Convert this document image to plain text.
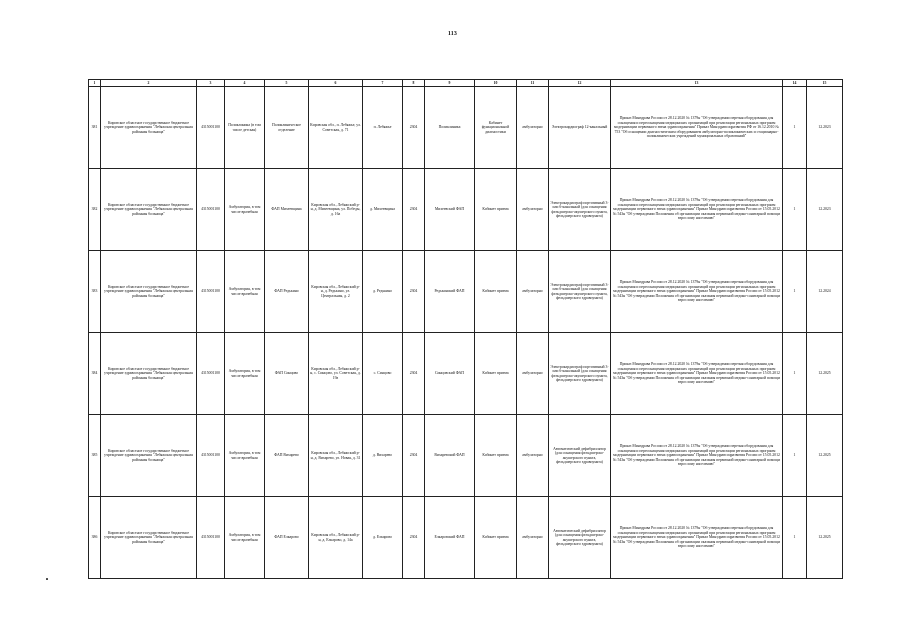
113
1	2	3	4	5	6	7	8	9	10	11	12	13	14	15
381	Кировское областное государственное бюджетное учреждение здравоохранения "Лебяжская центральная районная больница"	4315001100	Поликлиника (в том числе детская)	Поликлиническое отделение	Кировская обл., п. Лебяжье, ул. Советская, д. 71	п. Лебяжье	2304	Поликлиника	Кабинет функциональной диагностики	амбулаторно	Электрокардиограф 12-канальный	Приказ Минздрава России от 28.12.2020 № 1379н "Об утверждении перечня оборудования для оснащения и переоснащения медицинских организаций при реализации региональных программ модернизации первичного звена здравоохранения" Приказ Минздравсоцразвития РФ от 16.12.2010 № 753 "Об оснащении диагностическим оборудованием амбулаторно-поликлинических и стационарно-поликлинических учреждений муниципальных образований"	1	12.2023
382	Кировское областное государственное бюджетное учреждение здравоохранения "Лебяжская центральная районная больница"	4315001100	Амбулатория, в том числе врачебная	ФАП Михеевщина	Кировская обл., Лебяжский р-н, д. Михеевщина, ул. Победы, д. 16а	д. Михеевщина	2304	Михеевский ФАП	Кабинет приема	амбулаторно	Электрокардиограф портативный 3- или 6-канальный (для оснащения фельдшерско-акушерского пункта, фельдшерского здравпункта)	Приказ Минздрава России от 28.12.2020 № 1379н "Об утверждении перечня оборудования для оснащения и переоснащения медицинских организаций при реализации региональных программ модернизации первичного звена здравоохранения" Приказ Минздравсоцразвития России от 15.05.2012 № 543н "Об утверждении Положения об организации оказания первичной медико-санитарной помощи взрослому населению"	1	12.2023
383	Кировское областное государственное бюджетное учреждение здравоохранения "Лебяжская центральная районная больница"	4315001100	Амбулатория, в том числе врачебная	ФАП Редькино	Кировская обл., Лебяжский р-н, д. Редькино, ул. Центральная, д. 2	д. Редькино	2304	Редькинский ФАП	Кабинет приема	амбулаторно	Электрокардиограф портативный 3- или 6-канальный (для оснащения фельдшерско-акушерского пункта, фельдшерского здравпункта)	Приказ Минздрава России от 28.12.2020 № 1379н "Об утверждении перечня оборудования для оснащения и переоснащения медицинских организаций при реализации региональных программ модернизации первичного звена здравоохранения" Приказ Минздравсоцразвития России от 15.05.2012 № 543н "Об утверждении Положения об организации оказания первичной медико-санитарной помощи взрослому населению"	1	12.2024
384	Кировское областное государственное бюджетное учреждение здравоохранения "Лебяжская центральная районная больница"	4315001100	Амбулатория, в том числе врачебная	ФАП Синцово	Кировская обл., Лебяжский р-н, с. Синцово, ул. Советская, д. 19а	с. Синцово	2304	Синцовский ФАП	Кабинет приема	амбулаторно	Электрокардиограф портативный 3- или 6-канальный (для оснащения фельдшерско-акушерского пункта, фельдшерского здравпункта)	Приказ Минздрава России от 28.12.2020 № 1379н "Об утверждении перечня оборудования для оснащения и переоснащения медицинских организаций при реализации региональных программ модернизации первичного звена здравоохранения" Приказ Минздравсоцразвития России от 15.05.2012 № 543н "Об утверждении Положения об организации оказания первичной медико-санитарной помощи взрослому населению"	1	12.2025
385	Кировское областное государственное бюджетное учреждение здравоохранения "Лебяжская центральная районная больница"	4315001100	Амбулатория, в том числе врачебная	ФАП Вихарево	Кировская обл., Лебяжский р-н, д. Вихарево, ул. Новая, д. 31	д. Вихарево	2304	Вихаревский ФАП	Кабинет приема	амбулаторно	Автоматический дефибриллятор (для оснащения фельдшерско-акушерского пункта, фельдшерского здравпункта)	Приказ Минздрава России от 28.12.2020 № 1379н "Об утверждении перечня оборудования для оснащения и переоснащения медицинских организаций при реализации региональных программ модернизации первичного звена здравоохранения" Приказ Минздравсоцразвития России от 15.05.2012 № 543н "Об утверждении Положения об организации оказания первичной медико-санитарной помощи взрослому населению"	1	12.2025
386	Кировское областное государственное бюджетное учреждение здравоохранения "Лебяжская центральная районная больница"	4315001100	Амбулатория, в том числе врачебная	ФАП Елкарово	Кировская обл., Лебяжский р-н, д. Елкарово, д. 14а	д. Елкарово	2304	Елкаровский ФАП	Кабинет приема	амбулаторно	Автоматический дефибриллятор (для оснащения фельдшерско-акушерского пункта, фельдшерского здравпункта)	Приказ Минздрава России от 28.12.2020 № 1379н "Об утверждении перечня оборудования для оснащения и переоснащения медицинских организаций при реализации региональных программ модернизации первичного звена здравоохранения" Приказ Минздравсоцразвития России от 15.05.2012 № 543н "Об утверждении Положения об организации оказания первичной медико-санитарной помощи взрослому населению"	1	12.2025
